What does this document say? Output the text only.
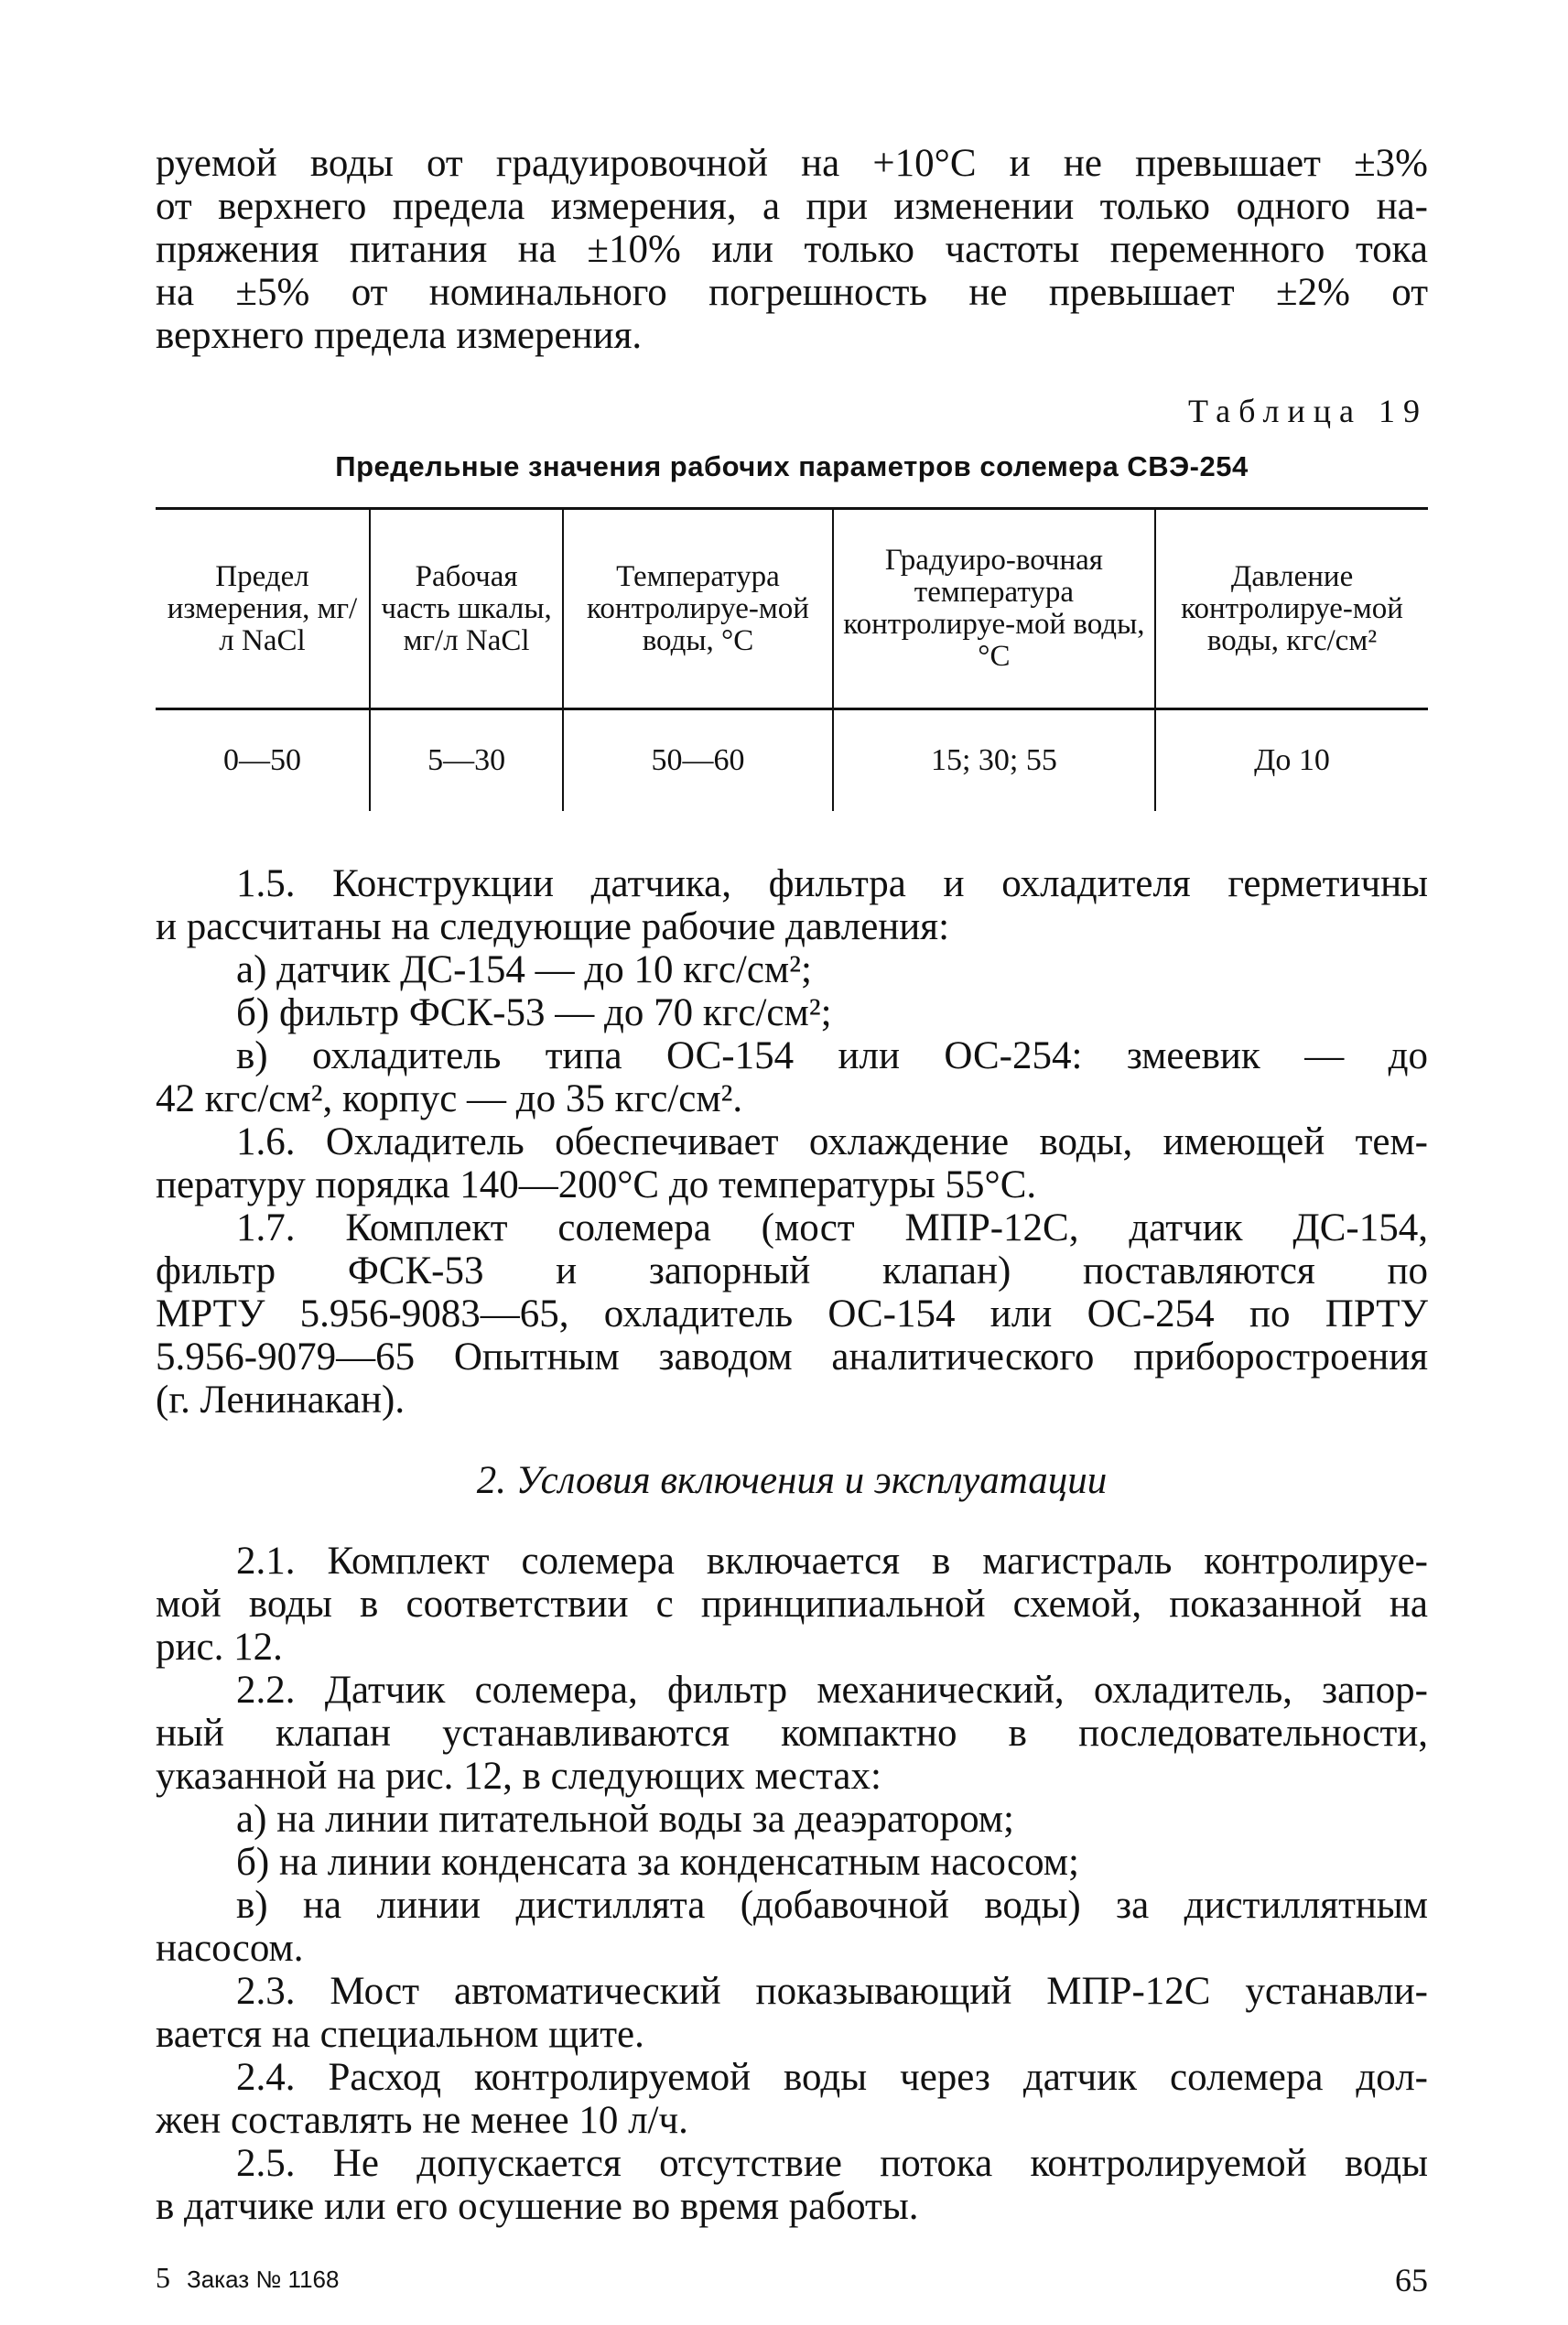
руемой воды от градуировочной на +10°С и не превышает ±3%
от верхнего предела измерения, а при изменении только одного на-
пряжения питания на ±10% или только частоты переменного тока
на ±5% от номинального погрешность не превышает ±2% от
верхнего предела измерения.
Таблица 19
Предельные значения рабочих параметров солемера СВЭ-254
Предел измерения, мг/л NaCl	Рабочая часть шкалы, мг/л NaCl	Температура контролируе-мой воды, °С	Градуиро-вочная температура контролируе-мой воды, °С	Давление контролируе-мой воды, кгс/см²
0—50	5—30	50—60	15; 30; 55	До 10
1.5. Конструкции датчика, фильтра и охладителя герметичны
и рассчитаны на следующие рабочие давления:
а) датчик ДС-154 — до 10 кгс/см²;
б) фильтр ФСК-53 — до 70 кгс/см²;
в) охладитель типа ОС-154 или ОС-254: змеевик — до
42 кгс/см², корпус — до 35 кгс/см².
1.6. Охладитель обеспечивает охлаждение воды, имеющей тем-
пературу порядка 140—200°С до температуры 55°С.
1.7. Комплект солемера (мост МПР-12С, датчик ДС-154,
фильтр ФСК-53 и запорный клапан) поставляются по
МРТУ 5.956-9083—65, охладитель ОС-154 или ОС-254 по ПРТУ
5.956-9079—65 Опытным заводом аналитического приборостроения
(г. Ленинакан).
2. Условия включения и эксплуатации
2.1. Комплект солемера включается в магистраль контролируе-
мой воды в соответствии с принципиальной схемой, показанной на
рис. 12.
2.2. Датчик солемера, фильтр механический, охладитель, запор-
ный клапан устанавливаются компактно в последовательности,
указанной на рис. 12, в следующих местах:
а) на линии питательной воды за деаэратором;
б) на линии конденсата за конденсатным насосом;
в) на линии дистиллята (добавочной воды) за дистиллятным
насосом.
2.3. Мост автоматический показывающий МПР-12С устанавли-
вается на специальном щите.
2.4. Расход контролируемой воды через датчик солемера дол-
жен составлять не менее 10 л/ч.
2.5. Не допускается отсутствие потока контролируемой воды
в датчике или его осушение во время работы.
5 Заказ № 1168	65
